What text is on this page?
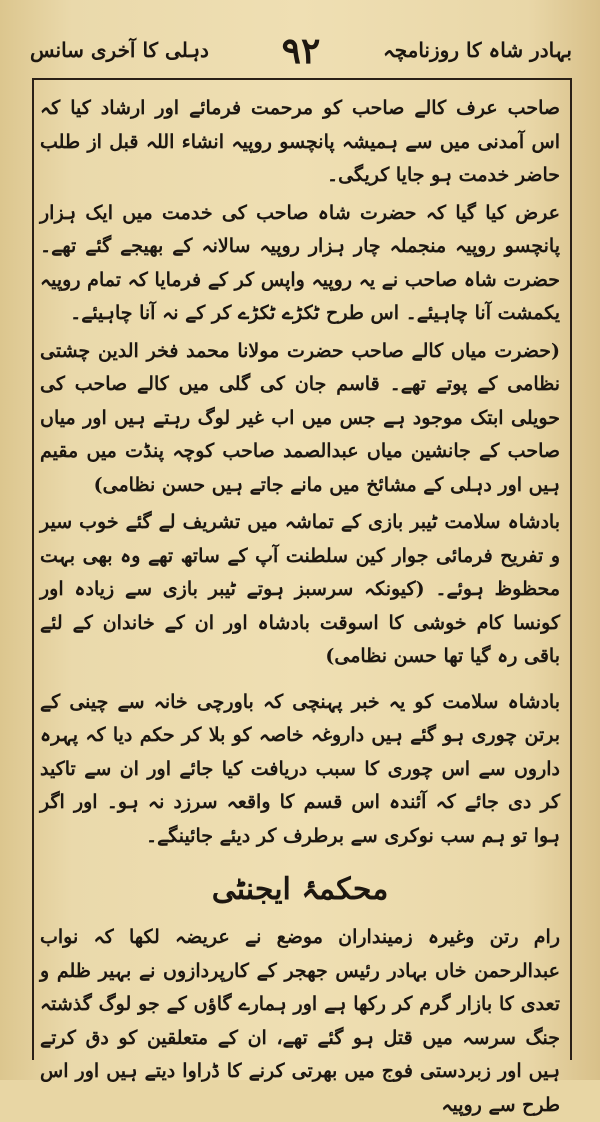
بہادر شاہ کا روزنامچہ
۹۲
دہلی کا آخری سانس

صاحب عرف کالے صاحب کو مرحمت فرمائے اور ارشاد کیا کہ اس آمدنی میں سے ہمیشہ پانچسو روپیہ انشاء اللہ قبل از طلب حاضر خدمت ہو جایا کریگی۔

عرض کیا گیا کہ حضرت شاہ صاحب کی خدمت میں ایک ہزار پانچسو روپیہ منجملہ چار ہزار روپیہ سالانہ کے بھیجے گئے تھے۔ حضرت شاہ صاحب نے یہ روپیہ واپس کر کے فرمایا کہ تمام روپیہ یکمشت آنا چاہیئے۔ اس طرح ٹکڑے ٹکڑے کر کے نہ آنا چاہیئے۔

(حضرت میاں کالے صاحب حضرت مولانا محمد فخر الدین چشتی نظامی کے پوتے تھے۔ قاسم جان کی گلی میں کالے صاحب کی حویلی ابتک موجود ہے جس میں اب غیر لوگ رہتے ہیں اور میاں صاحب کے جانشین میاں عبدالصمد صاحب کوچہ پنڈت میں مقیم ہیں اور دہلی کے مشائخ میں مانے جاتے ہیں حسن نظامی)

بادشاہ سلامت ٹیبر بازی کے تماشہ میں تشریف لے گئے خوب سیر و تفریح فرمائی جوار کین سلطنت آپ کے ساتھ تھے وہ بھی بہت محظوظ ہوئے۔ (کیونکہ سرسبز ہوتے ٹیبر بازی سے زیادہ اور کونسا کام خوشی کا اسوقت بادشاہ اور ان کے خاندان کے لئے باقی رہ گیا تھا حسن نظامی)

بادشاہ سلامت کو یہ خبر پہنچی کہ باورچی خانہ سے چینی کے برتن چوری ہو گئے ہیں داروغہ خاصہ کو بلا کر حکم دیا کہ پہرہ داروں سے اس چوری کا سبب دریافت کیا جائے اور ان سے تاکید کر دی جائے کہ آئندہ اس قسم کا واقعہ سرزد نہ ہو۔ اور اگر ہوا تو ہم سب نوکری سے برطرف کر دیئے جائینگے۔

محکمۂ ایجنٹی

رام رتن وغیرہ زمینداران موضع نے عریضہ لکھا کہ نواب عبدالرحمن خاں بہادر رئیس جھجر کے کارپردازوں نے بہیر ظلم و تعدی کا بازار گرم کر رکھا ہے اور ہمارے گاؤں کے جو لوگ گذشتہ جنگ سرسہ میں قتل ہو گئے تھے، ان کے متعلقین کو دق کرتے ہیں اور زبردستی فوج میں بھرتی کرنے کا ڈراوا دیتے ہیں اور اس طرح سے روپیہ
